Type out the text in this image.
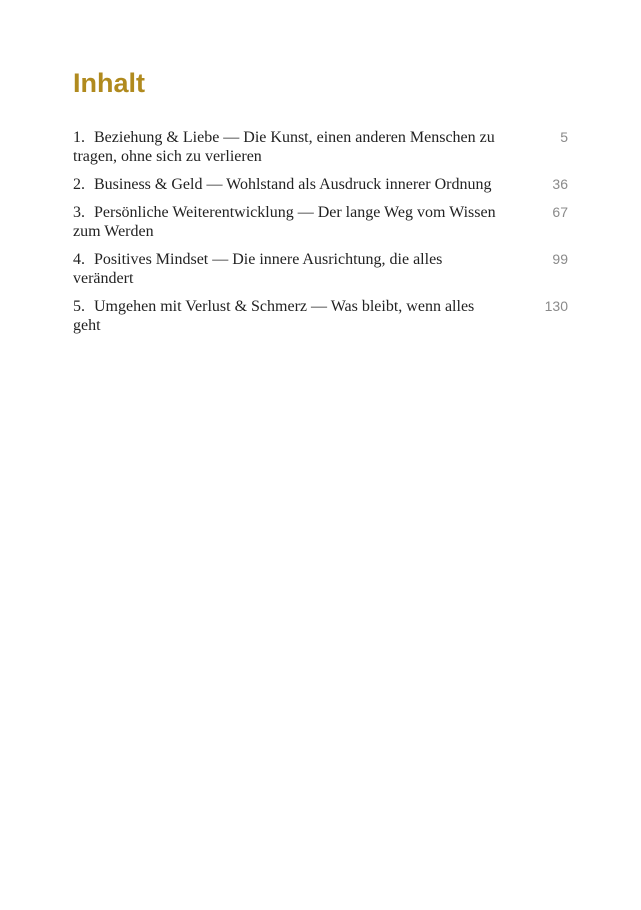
Inhalt
1. Beziehung & Liebe — Die Kunst, einen anderen Menschen zu tragen, ohne sich zu verlieren
5
2. Business & Geld — Wohlstand als Ausdruck innerer Ordnung	36
3. Persönliche Weiterentwicklung — Der lange Weg vom Wissen zum Werden
67
4. Positives Mindset — Die innere Ausrichtung, die alles verändert
99
5. Umgehen mit Verlust & Schmerz — Was bleibt, wenn alles geht
130
